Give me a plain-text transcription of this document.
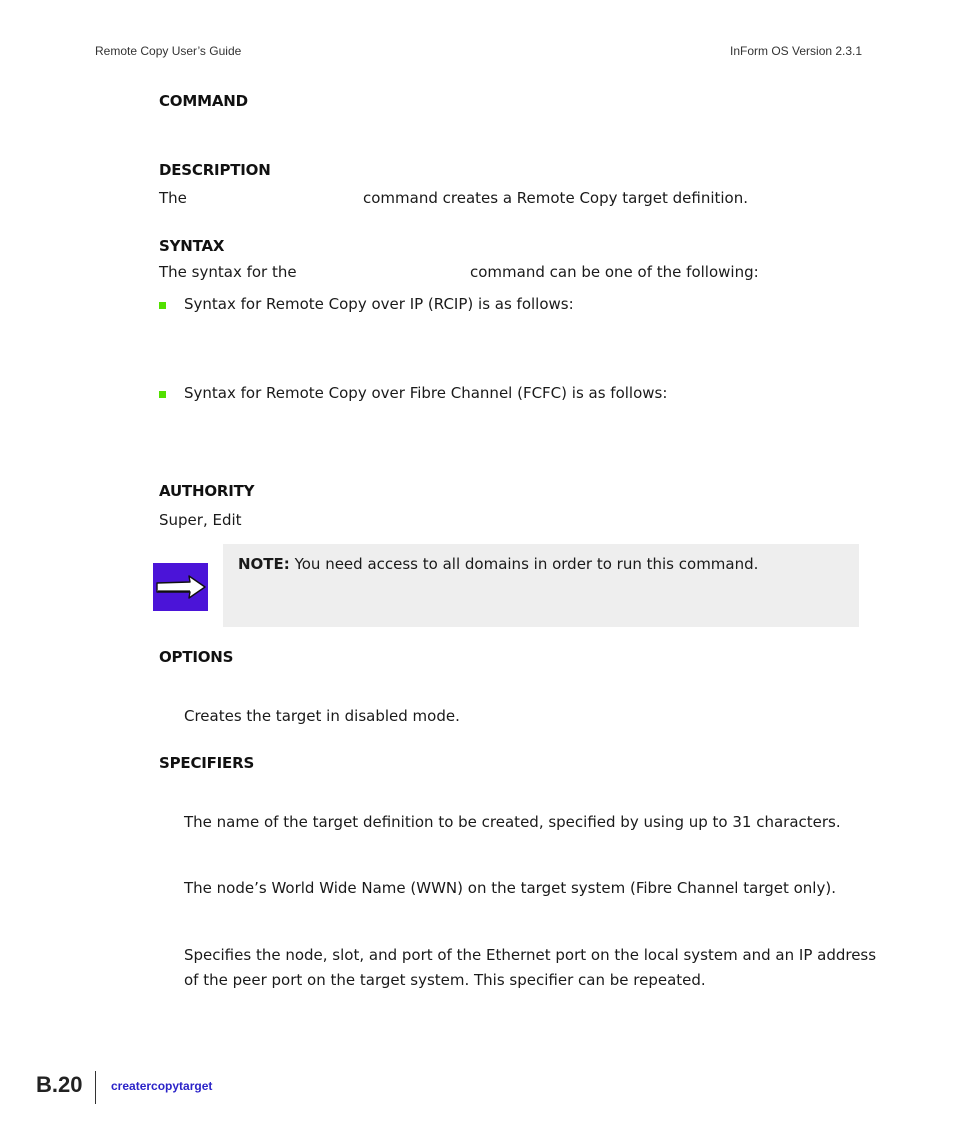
Remote Copy User’s Guide	InForm OS Version 2.3.1
COMMAND
DESCRIPTION
The	command creates a Remote Copy target definition.
SYNTAX
The syntax for the	command can be one of the following:
Syntax for Remote Copy over IP (RCIP) is as follows:
Syntax for Remote Copy over Fibre Channel (FCFC) is as follows:
AUTHORITY
Super, Edit
NOTE: You need access to all domains in order to run this command.
OPTIONS
Creates the target in disabled mode.
SPECIFIERS
The name of the target definition to be created, specified by using up to 31 characters.
The node’s World Wide Name (WWN) on the target system (Fibre Channel target only).
Specifies the node, slot, and port of the Ethernet port on the local system and an IP address
of the peer port on the target system. This specifier can be repeated.
B.20 creatercopytarget
